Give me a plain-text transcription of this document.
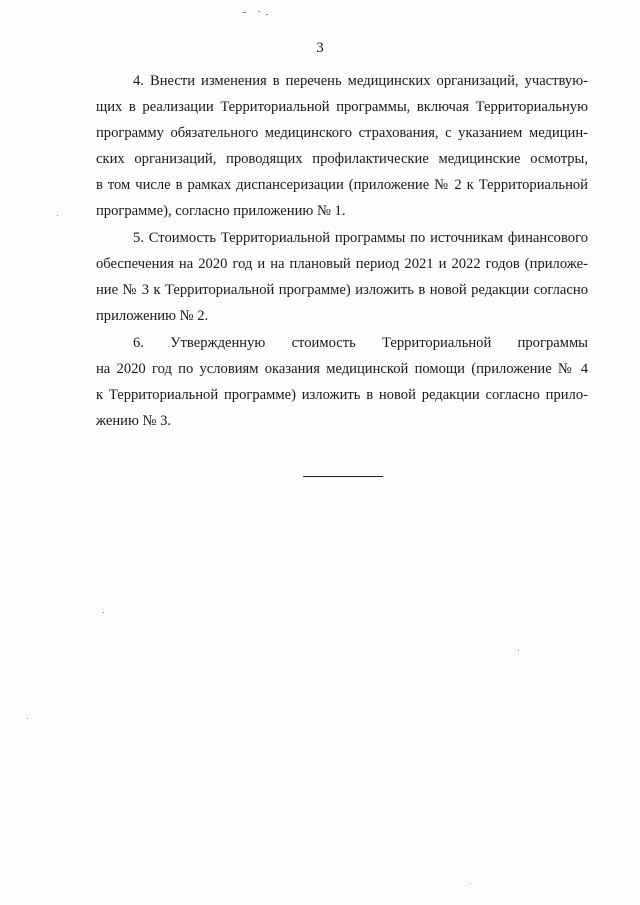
3
4. Внести изменения в перечень медицинских организаций, участвую-
щих в реализации Территориальной программы, включая Территориальную
программу обязательного медицинского страхования, с указанием медицин-
ских организаций, проводящих профилактические медицинские осмотры,
в том числе в рамках диспансеризации (приложение № 2 к Территориальной
программе), согласно приложению № 1.
5. Стоимость Территориальной программы по источникам финансового
обеспечения на 2020 год и на плановый период 2021 и 2022 годов (приложе-
ние № 3 к Территориальной программе) изложить в новой редакции согласно
приложению № 2.
6. Утвержденную стоимость Территориальной программы
на 2020 год по условиям оказания медицинской помощи (приложение № 4
к Территориальной программе) изложить в новой редакции согласно прило-
жению № 3.
